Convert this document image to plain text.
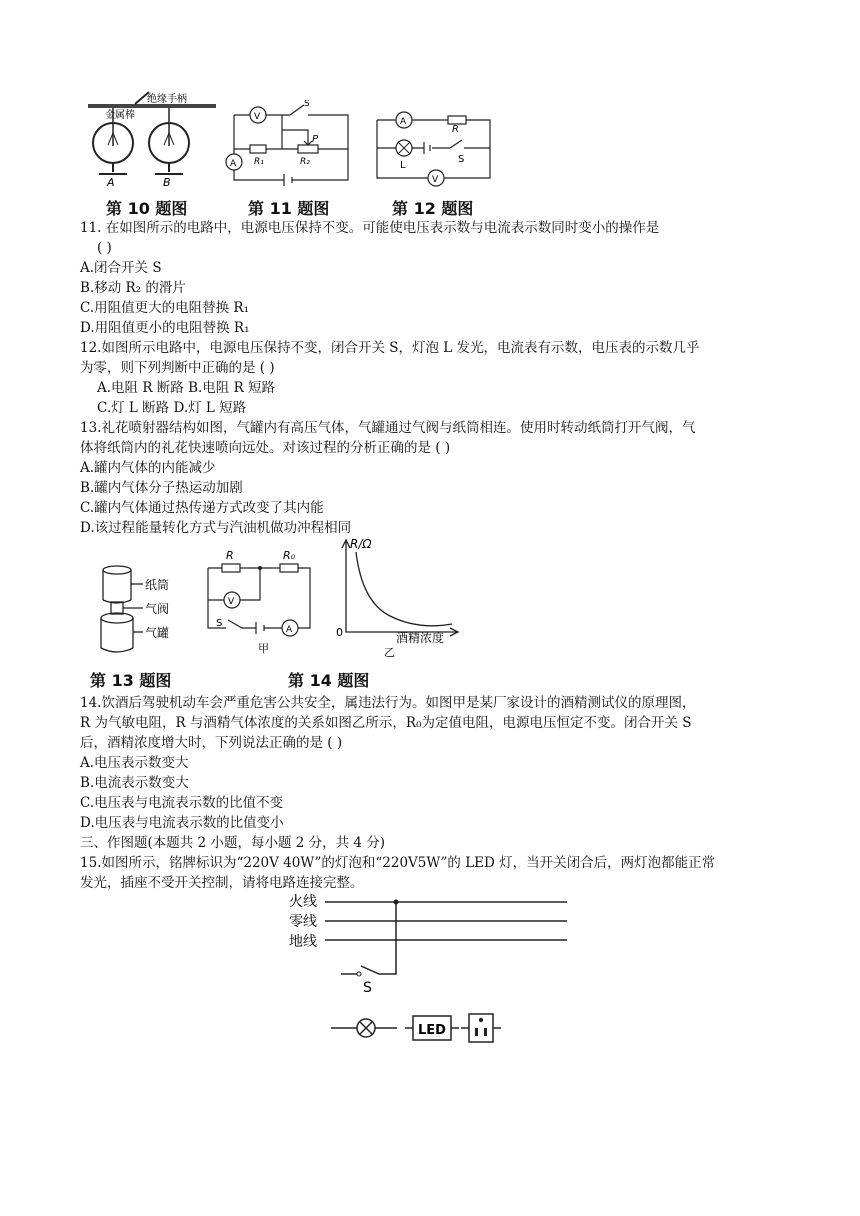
绝缘手柄
金属棒
A	B
第 10 题图
V
A
S
P
R₁	R₂
第 11 题图
A
R
L
S
V
第 12 题图
11. 在如图所示的电路中，电源电压保持不变。可能使电压表示数与电流表示数同时变小的操作是
( )
A.闭合开关 S
B.移动 R₂ 的滑片
C.用阻值更大的电阻替换 R₁
D.用阻值更小的电阻替换 R₁
12.如图所示电路中，电源电压保持不变，闭合开关 S，灯泡 L 发光，电流表有示数，电压表的示数几乎
为零，则下列判断中正确的是 ( )
A.电阻 R 断路 B.电阻 R 短路
C.灯 L 断路 D.灯 L 短路
13.礼花喷射器结构如图，气罐内有高压气体，气罐通过气阀与纸筒相连。使用时转动纸筒打开气阀，气
体将纸筒内的礼花快速喷向远处。对该过程的分析正确的是 ( )
A.罐内气体的内能减少
B.罐内气体分子热运动加剧
C.罐内气体通过热传递方式改变了其内能
D.该过程能量转化方式与汽油机做功冲程相同
纸筒
气阀
气罐
第 13 题图
R	R₀
V
A
S
甲
R/Ω
0	酒精浓度
乙
第 14 题图
14.饮酒后驾驶机动车会严重危害公共安全，属违法行为。如图甲是某厂家设计的酒精测试仪的原理图，
R 为气敏电阻，R 与酒精气体浓度的关系如图乙所示，R₀为定值电阻，电源电压恒定不变。闭合开关 S
后，酒精浓度增大时，下列说法正确的是 ( )
A.电压表示数变大
B.电流表示数变大
C.电压表与电流表示数的比值不变
D.电压表与电流表示数的比值变小
三、作图题(本题共 2 小题，每小题 2 分，共 4 分)
15.如图所示，铭牌标识为“220V 40W”的灯泡和“220V5W”的 LED 灯，当开关闭合后，两灯泡都能正常
发光，插座不受开关控制，请将电路连接完整。
火线
零线
地线
S
LED
